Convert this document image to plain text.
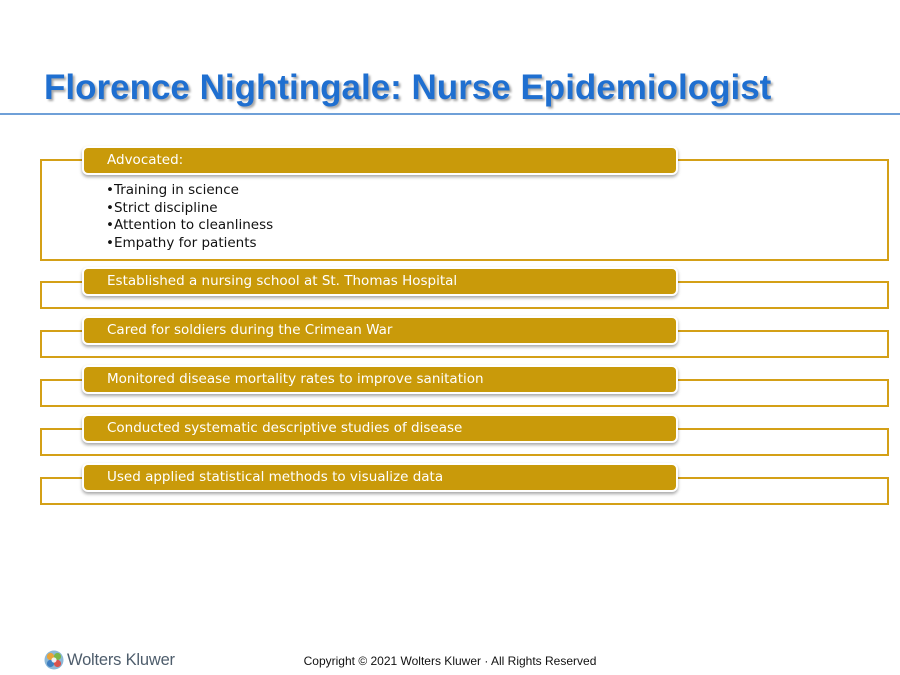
Florence Nightingale: Nurse Epidemiologist
Advocated:
• Training in science
• Strict discipline
• Attention to cleanliness
• Empathy for patients
Established a nursing school at St. Thomas Hospital
Cared for soldiers during the Crimean War
Monitored disease mortality rates to improve sanitation
Conducted systematic descriptive studies of disease
Used applied statistical methods to visualize data
Wolters Kluwer	Copyright © 2021 Wolters Kluwer · All Rights Reserved
